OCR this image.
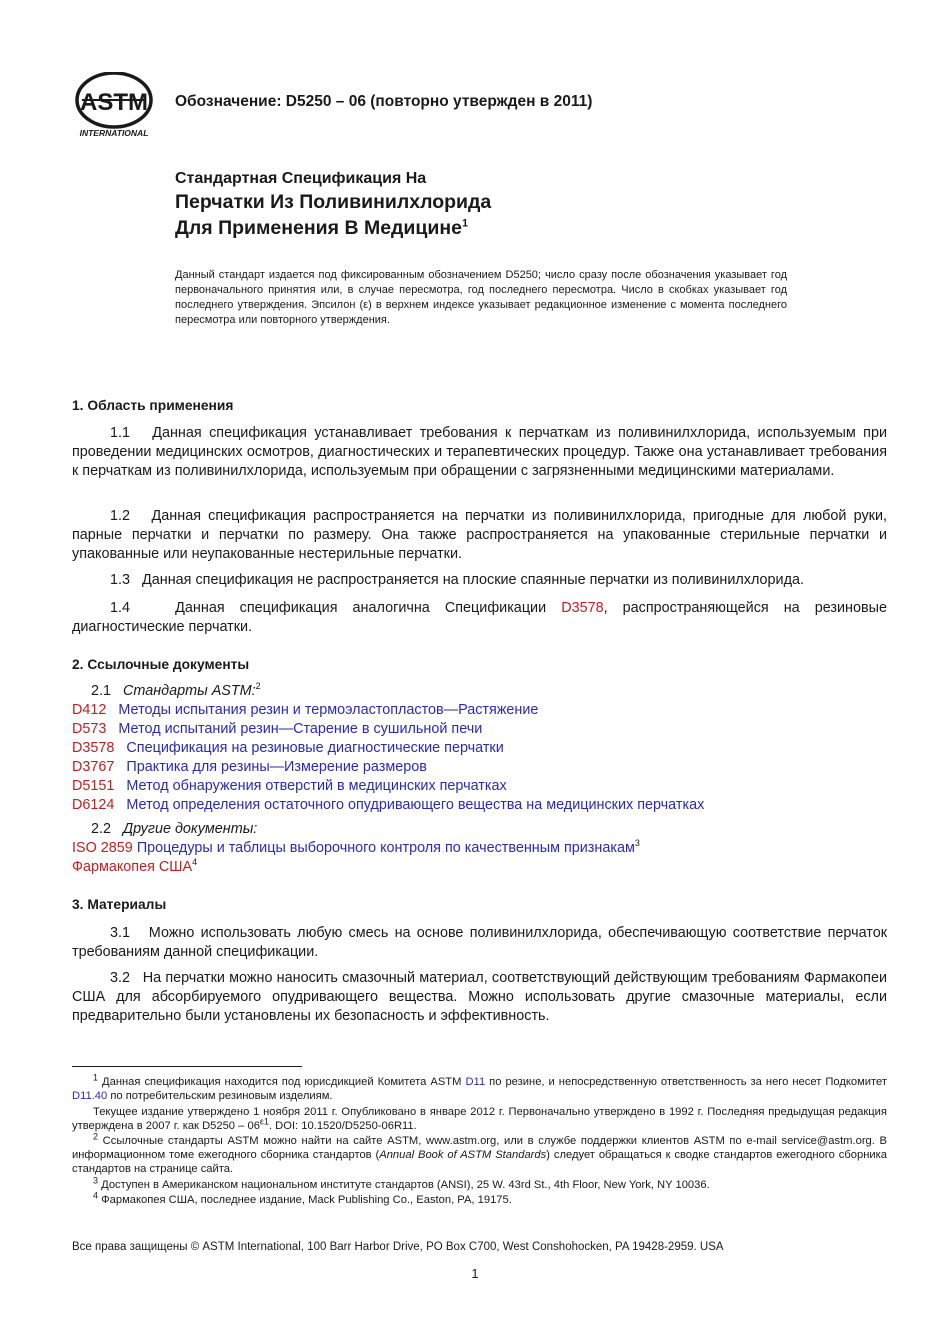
ASTM
INTERNATIONAL
Обозначение: D5250 – 06 (повторно утвержден в 2011)
Стандартная Спецификация На
Перчатки Из Поливинилхлорида
Для Применения В Медицине$^1$
Данный стандарт издается под фиксированным обозначением D5250; число сразу после обозначения указывает год первоначального принятия или, в случае пересмотра, год последнего пересмотра. Число в скобках указывает год последнего утверждения. Эпсилон (ε) в верхнем индексе указывает редакционное изменение с момента последнего пересмотра или повторного утверждения.
1. Область применения
1.1 Данная спецификация устанавливает требования к перчаткам из поливинилхлорида, используемым при проведении медицинских осмотров, диагностических и терапевтических процедур. Также она устанавливает требования к перчаткам из поливинилхлорида, используемым при обращении с загрязненными медицинскими материалами.
1.2 Данная спецификация распространяется на перчатки из поливинилхлорида, пригодные для любой руки, парные перчатки и перчатки по размеру. Она также распространяется на упакованные стерильные перчатки и упакованные или неупакованные нестерильные перчатки.
1.3 Данная спецификация не распространяется на плоские спаянные перчатки из поливинилхлорида.
1.4	Данная спецификация аналогична Спецификации D3578, распространяющейся на резиновые диагностические перчатки.
2. Ссылочные документы
2.1 Стандарты ASTM:$^2$
D412 Методы испытания резин и термоэластопластов—Растяжение
D573 Метод испытаний резин—Старение в сушильной печи
D3578 Спецификация на резиновые диагностические перчатки
D3767 Практика для резины—Измерение размеров
D5151 Метод обнаружения отверстий в медицинских перчатках
D6124 Метод определения остаточного опудривающего вещества на медицинских перчатках
2.2 Другие документы:
ISO 2859 Процедуры и таблицы выборочного контроля по качественным признакам$^3$
Фармакопея США$^4$
3. Материалы
3.1 Можно использовать любую смесь на основе поливинилхлорида, обеспечивающую соответствие перчаток требованиям данной спецификации.
3.2 На перчатки можно наносить смазочный материал, соответствующий действующим требованиям Фармакопеи США для абсорбируемого опудривающего вещества. Можно использовать другие смазочные материалы, если предварительно были установлены их безопасность и эффективность.
$^1$ Данная спецификация находится под юрисдикцией Комитета ASTM D11 по резине, и непосредственную ответственность за него несет Подкомитет D11.40 по потребительским резиновым изделиям.
Текущее издание утверждено 1 ноября 2011 г. Опубликовано в январе 2012 г. Первоначально утверждено в 1992 г. Последняя предыдущая редакция утверждена в 2007 г. как $D5250 - 06^{\varepsilon 1}$. DOI: 10.1520/D5250-06R11.
$^2$ Ссылочные стандарты ASTM можно найти на сайте ASTM, www.astm.org, или в службе поддержки клиентов ASTM по e-mail service@astm.org. В информационном томе ежегодного сборника стандартов (Annual Book of ASTM Standards) следует обращаться к сводке стандартов ежегодного сборника стандартов на странице сайта.
$^3$ Доступен в Американском национальном институте стандартов (ANSI), 25 W. 43rd St., 4th Floor, New York, NY 10036.
$^4$ Фармакопея США, последнее издание, Mack Publishing Co., Easton, PA, 19175.
Все права защищены © ASTM International, 100 Barr Harbor Drive, PO Box C700, West Conshohocken, PA 19428-2959. USA
1
